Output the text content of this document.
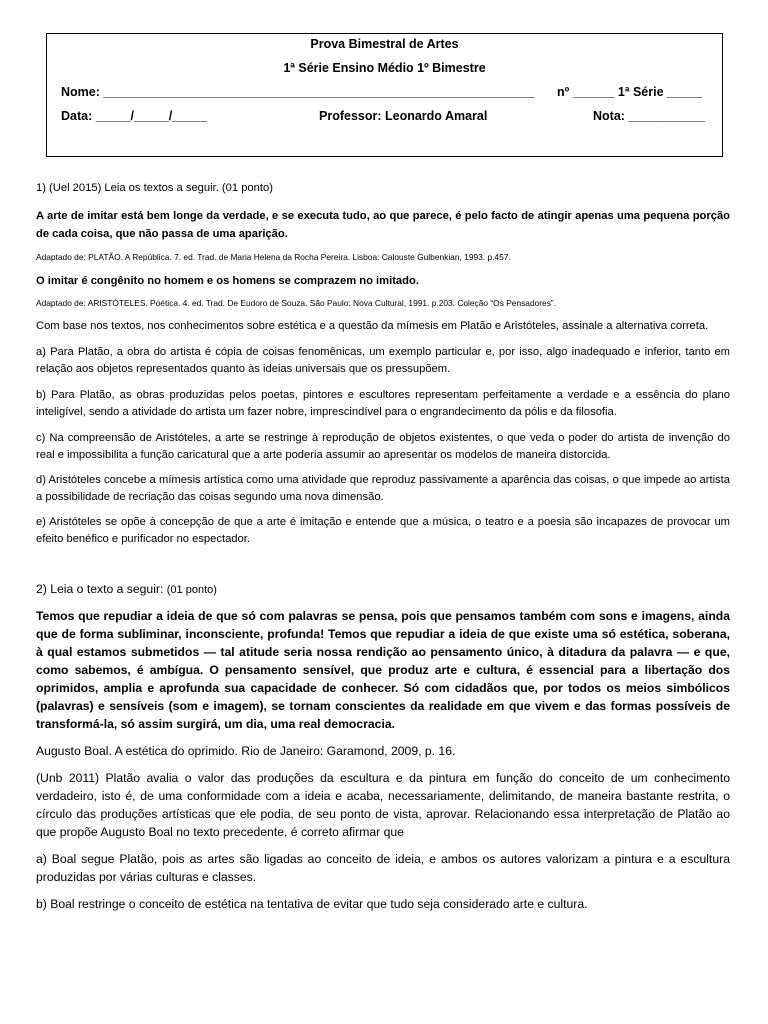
Prova Bimestral de Artes
1ª Série Ensino Médio 1º Bimestre
Nome: ______________________________________________________________ nº ______ 1ª Série _____
Data: _____/_____/_____	Professor: Leonardo Amaral	Nota: ___________

1) (Uel 2015) Leia os textos a seguir. (01 ponto)

A arte de imitar está bem longe da verdade, e se executa tudo, ao que parece, é pelo facto de atingir apenas uma pequena porção de cada coisa, que não passa de uma aparição.

Adaptado de: PLATÃO. A República. 7. ed. Trad. de Maria Helena da Rocha Pereira. Lisboa: Calouste Gulbenkian, 1993. p.457.

O imitar é congênito no homem e os homens se comprazem no imitado.

Adaptado de: ARISTÓTELES. Poética. 4. ed. Trad. De Eudoro de Souza. São Paulo: Nova Cultural, 1991. p.203. Coleção “Os Pensadores”.

Com base nos textos, nos conhecimentos sobre estética e a questão da mímesis em Platão e Aristóteles, assinale a alternativa correta.

a) Para Platão, a obra do artista é cópia de coisas fenomênicas, um exemplo particular e, por isso, algo inadequado e inferior, tanto em relação aos objetos representados quanto às ideias universais que os pressupõem.

b) Para Platão, as obras produzidas pelos poetas, pintores e escultores representam perfeitamente a verdade e a essência do plano inteligível, sendo a atividade do artista um fazer nobre, imprescindível para o engrandecimento da pólis e da filosofia.

c) Na compreensão de Aristóteles, a arte se restringe à reprodução de objetos existentes, o que veda o poder do artista de invenção do real e impossibilita a função caricatural que a arte poderia assumir ao apresentar os modelos de maneira distorcida.

d) Aristóteles concebe a mímesis artística como uma atividade que reproduz passivamente a aparência das coisas, o que impede ao artista a possibilidade de recriação das coisas segundo uma nova dimensão.

e) Aristóteles se opõe à concepção de que a arte é imitação e entende que a música, o teatro e a poesia são incapazes de provocar um efeito benéfico e purificador no espectador.

2) Leia o texto a seguir: (01 ponto)

Temos que repudiar a ideia de que só com palavras se pensa, pois que pensamos também com sons e imagens, ainda que de forma subliminar, inconsciente, profunda! Temos que repudiar a ideia de que existe uma só estética, soberana, à qual estamos submetidos — tal atitude seria nossa rendição ao pensamento único, à ditadura da palavra — e que, como sabemos, é ambígua. O pensamento sensível, que produz arte e cultura, é essencial para a libertação dos oprimidos, amplia e aprofunda sua capacidade de conhecer. Só com cidadãos que, por todos os meios simbólicos (palavras) e sensíveis (som e imagem), se tornam conscientes da realidade em que vivem e das formas possíveis de transformá-la, só assim surgirá, um dia, uma real democracia.

Augusto Boal. A estética do oprimido. Rio de Janeiro: Garamond, 2009, p. 16.

(Unb 2011) Platão avalia o valor das produções da escultura e da pintura em função do conceito de um conhecimento verdadeiro, isto é, de uma conformidade com a ideia e acaba, necessariamente, delimitando, de maneira bastante restrita, o círculo das produções artísticas que ele podia, de seu ponto de vista, aprovar. Relacionando essa interpretação de Platão ao que propõe Augusto Boal no texto precedente, é correto afirmar que

a) Boal segue Platão, pois as artes são ligadas ao conceito de ideia, e ambos os autores valorizam a pintura e a escultura produzidas por várias culturas e classes.

b) Boal restringe o conceito de estética na tentativa de evitar que tudo seja considerado arte e cultura.
